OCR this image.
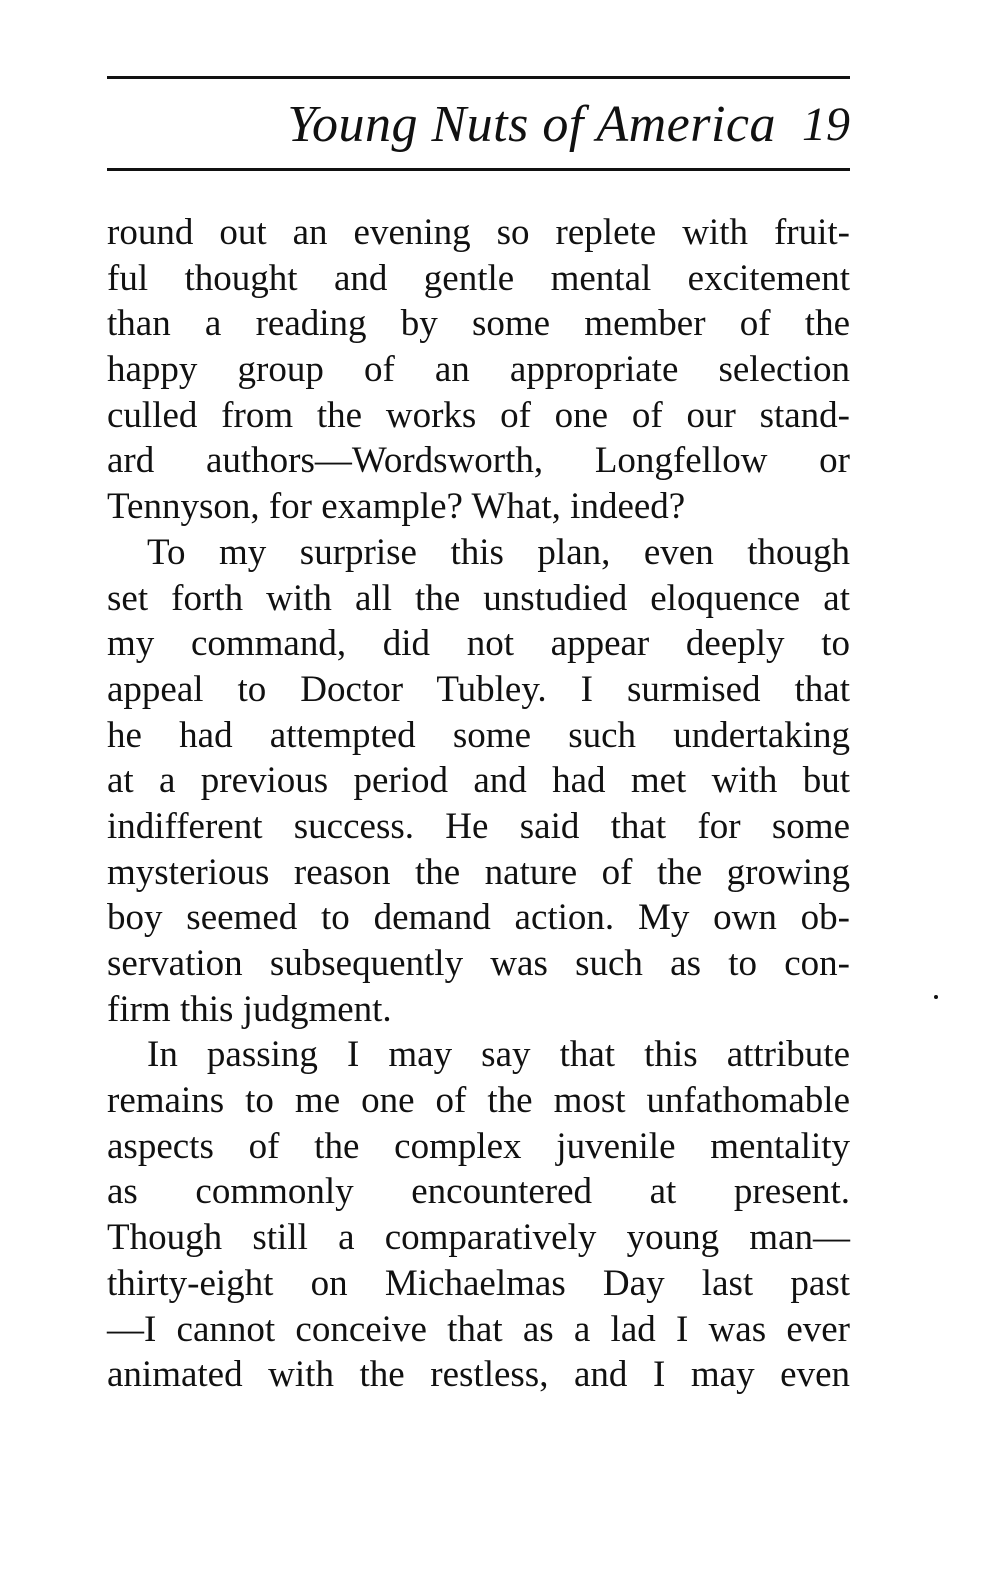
Young Nuts of America 19
round out an evening so replete with fruit-
ful thought and gentle mental excitement
than a reading by some member of the
happy group of an appropriate selection
culled from the works of one of our stand-
ard authors—Wordsworth, Longfellow or
Tennyson, for example? What, indeed?
To my surprise this plan, even though
set forth with all the unstudied eloquence at
my command, did not appear deeply to
appeal to Doctor Tubley. I surmised that
he had attempted some such undertaking
at a previous period and had met with but
indifferent success. He said that for some
mysterious reason the nature of the growing
boy seemed to demand action. My own ob-
servation subsequently was such as to con-
firm this judgment.
In passing I may say that this attribute
remains to me one of the most unfathomable
aspects of the complex juvenile mentality
as commonly encountered at present.
Though still a comparatively young man—
thirty-eight on Michaelmas Day last past
—I cannot conceive that as a lad I was ever
animated with the restless, and I may even
